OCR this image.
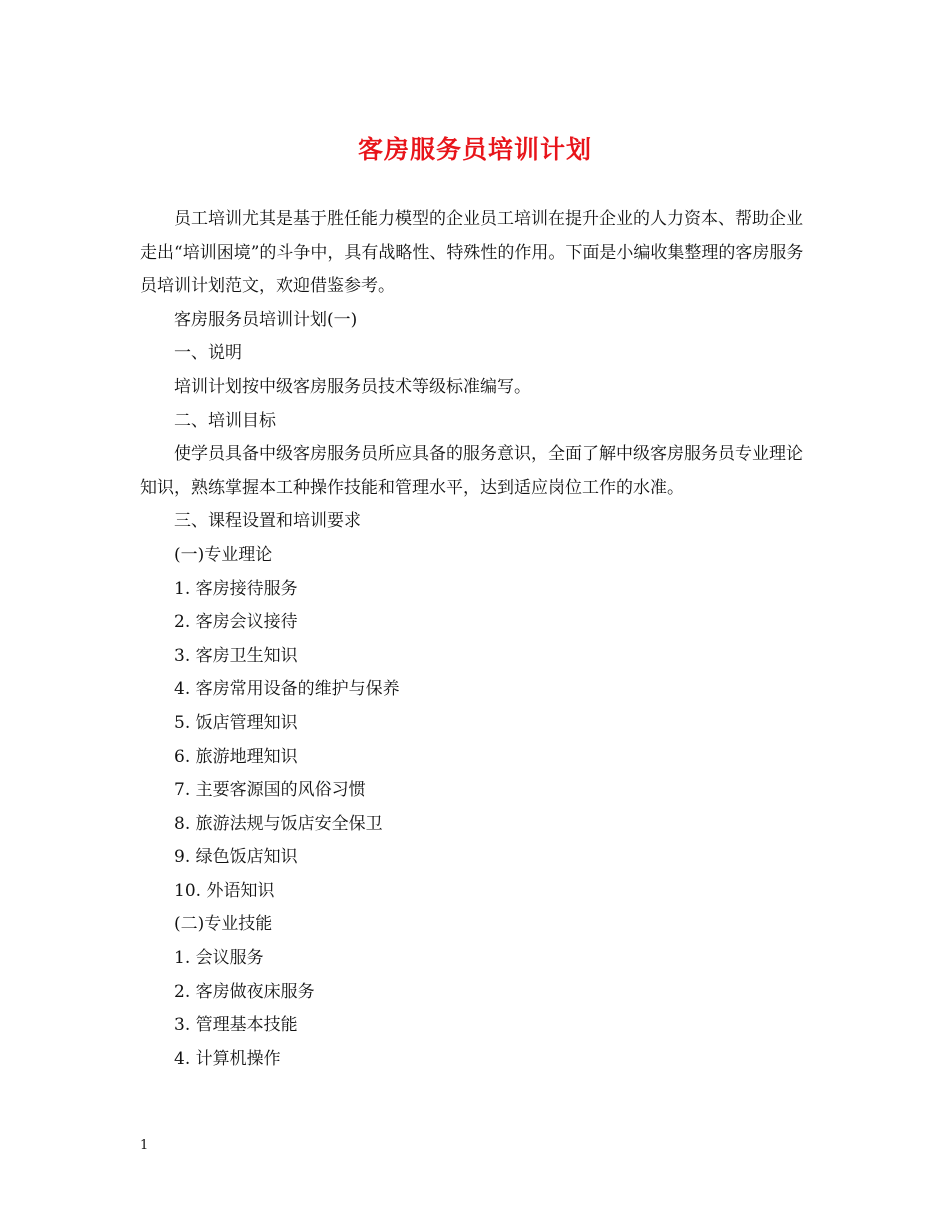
客房服务员培训计划

员工培训尤其是基于胜任能力模型的企业员工培训在提升企业的人力资本、帮助企业走出“培训困境”的斗争中，具有战略性、特殊性的作用。下面是小编收集整理的客房服务员培训计划范文，欢迎借鉴参考。

客房服务员培训计划(一)

一、说明

培训计划按中级客房服务员技术等级标准编写。

二、培训目标

使学员具备中级客房服务员所应具备的服务意识，全面了解中级客房服务员专业理论知识，熟练掌握本工种操作技能和管理水平，达到适应岗位工作的水准。

三、课程设置和培训要求

(一)专业理论

1. 客房接待服务

2. 客房会议接待

3. 客房卫生知识

4. 客房常用设备的维护与保养

5. 饭店管理知识

6. 旅游地理知识

7. 主要客源国的风俗习惯

8. 旅游法规与饭店安全保卫

9. 绿色饭店知识

10. 外语知识

(二)专业技能

1. 会议服务

2. 客房做夜床服务

3. 管理基本技能

4. 计算机操作

1
